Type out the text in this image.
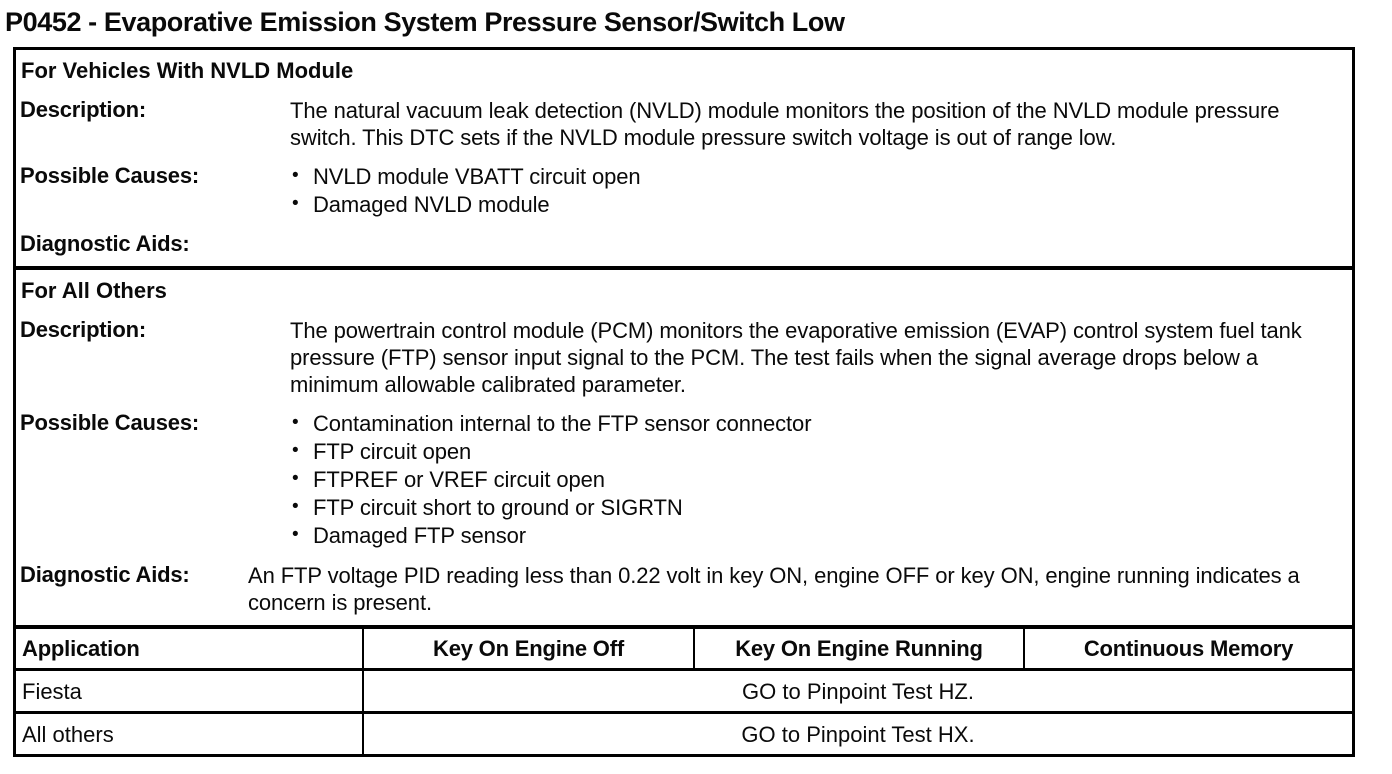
P0452 - Evaporative Emission System Pressure Sensor/Switch Low
For Vehicles With NVLD Module
Description:	The natural vacuum leak detection (NVLD) module monitors the position of the NVLD module pressure switch. This DTC sets if the NVLD module pressure switch voltage is out of range low.
Possible Causes:	• NVLD module VBATT circuit open
• Damaged NVLD module
Diagnostic Aids:
For All Others
Description:	The powertrain control module (PCM) monitors the evaporative emission (EVAP) control system fuel tank pressure (FTP) sensor input signal to the PCM. The test fails when the signal average drops below a minimum allowable calibrated parameter.
Possible Causes:	• Contamination internal to the FTP sensor connector
• FTP circuit open
• FTPREF or VREF circuit open
• FTP circuit short to ground or SIGRTN
• Damaged FTP sensor
Diagnostic Aids:	An FTP voltage PID reading less than 0.22 volt in key ON, engine OFF or key ON, engine running indicates a concern is present.
Application	Key On Engine Off	Key On Engine Running	Continuous Memory
Fiesta	GO to Pinpoint Test HZ.
All others	GO to Pinpoint Test HX.
